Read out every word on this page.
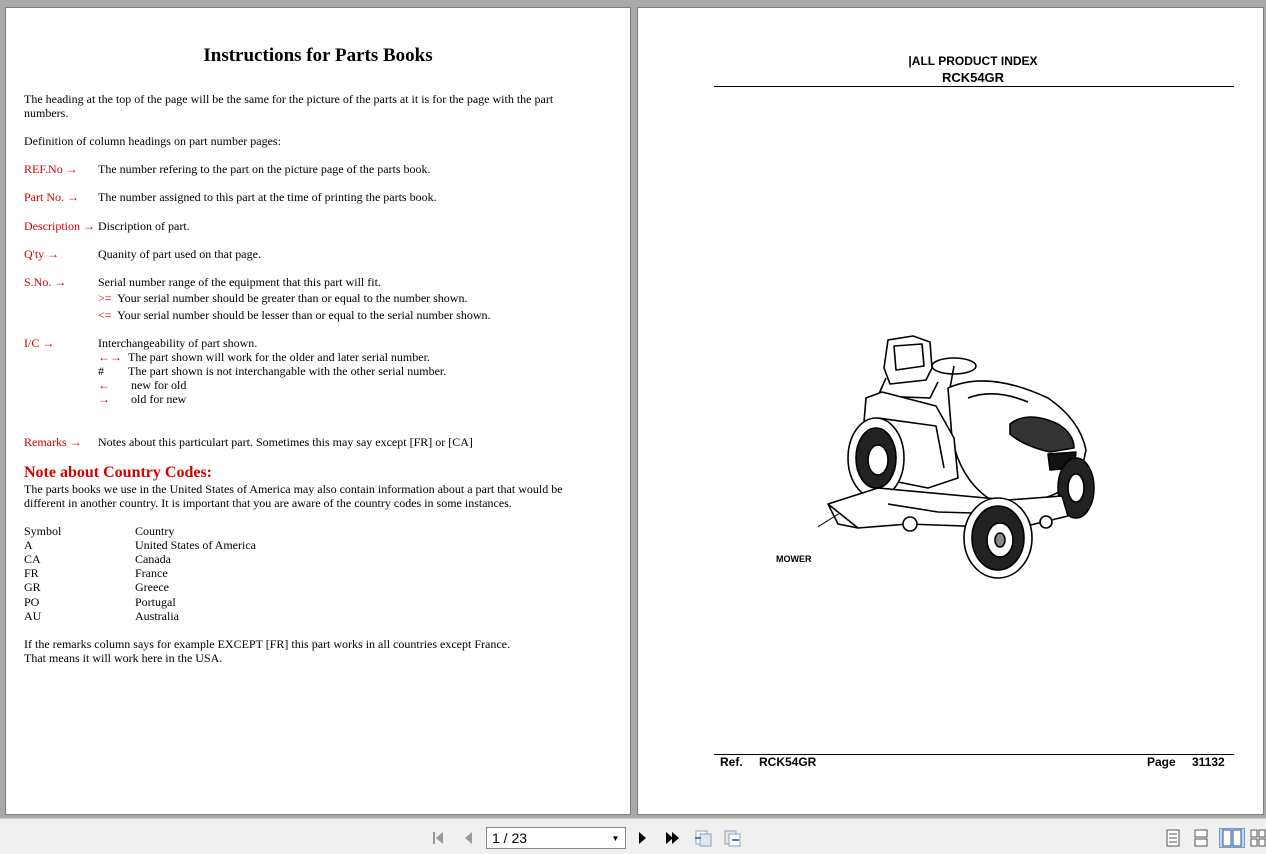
Instructions for Parts Books
The heading at the top of the page will be the same for the picture of the parts at it is for the page with the part numbers.
Definition of column headings on part number pages:
REF.No → The number refering to the part on the picture page of the parts book.
Part No. → The number assigned to this part at the time of printing the parts book.
Description → Discription of part.
Q'ty →	Quanity of part used on that page.
S.No. →	Serial number range of the equipment that this part will fit.
>= Your serial number should be greater than or equal to the number shown.
<= Your serial number should be lesser than or equal to the serial number shown.
I/C →	Interchangeability of part shown.
←→ The part shown will work for the older and later serial number.
# The part shown is not interchangable with the other serial number.
← new for old
→ old for new
Remarks → Notes about this particulart part. Sometimes this may say except [FR] or [CA]
Note about Country Codes:
The parts books we use in the United States of America may also contain information about a part that would be different in another country. It is important that you are aware of the country codes in some instances.
Symbol	Country
A	United States of America
CA	Canada
FR	France
GR	Greece
PO	Portugal
AU	Australia
If the remarks column says for example EXCEPT [FR] this part works in all countries except France.
That means it will work here in the USA.
|ALL PRODUCT INDEX
RCK54GR
MOWER
Ref. RCK54GR	Page 31132
1 / 23
▼
